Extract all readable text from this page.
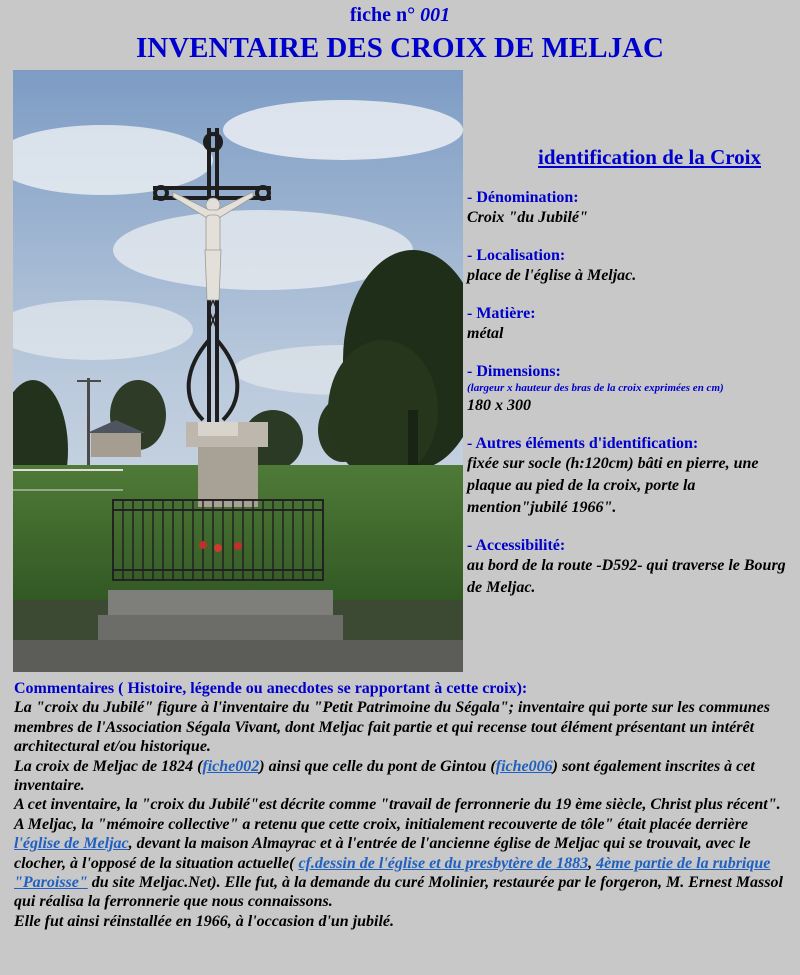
fiche n° 001
INVENTAIRE DES CROIX DE MELJAC
identification de la Croix
- Dénomination:
Croix "du Jubilé"
- Localisation:
place de l'église à Meljac.
- Matière:
métal
- Dimensions:
(largeur x hauteur des bras de la croix exprimées en cm)
180 x 300
- Autres éléments d'identification:
fixée sur socle (h:120cm) bâti en pierre, une plaque au pied de la croix, porte la mention"jubilé 1966".
- Accessibilité:
au bord de la route -D592- qui traverse le Bourg de Meljac.
Commentaires ( Histoire, légende ou anecdotes se rapportant à cette croix):

La "croix du Jubilé" figure à l'inventaire du "Petit Patrimoine du Ségala"; inventaire qui porte sur les communes membres de l'Association Ségala Vivant, dont Meljac fait partie et qui recense tout élément présentant un intérêt architectural et/ou historique.

La croix de Meljac de 1824 (fiche002) ainsi que celle du pont de Gintou (fiche006) sont également inscrites à cet inventaire.

A cet inventaire, la "croix du Jubilé"est décrite comme "travail de ferronnerie du 19 ème siècle, Christ plus récent".

A Meljac, la "mémoire collective" a retenu que cette croix, initialement recouverte de tôle" était placée derrière l'église de Meljac, devant la maison Almayrac et à l'entrée de l'ancienne église de Meljac qui se trouvait, avec le clocher, à l'opposé de la situation actuelle( cf.dessin de l'église et du presbytère de 1883, 4ème partie de la rubrique "Paroisse" du site Meljac.Net). Elle fut, à la demande du curé Molinier, restaurée par le forgeron, M. Ernest Massol qui réalisa la ferronnerie que nous connaissons.

Elle fut ainsi réinstallée en 1966, à l'occasion d'un jubilé.
